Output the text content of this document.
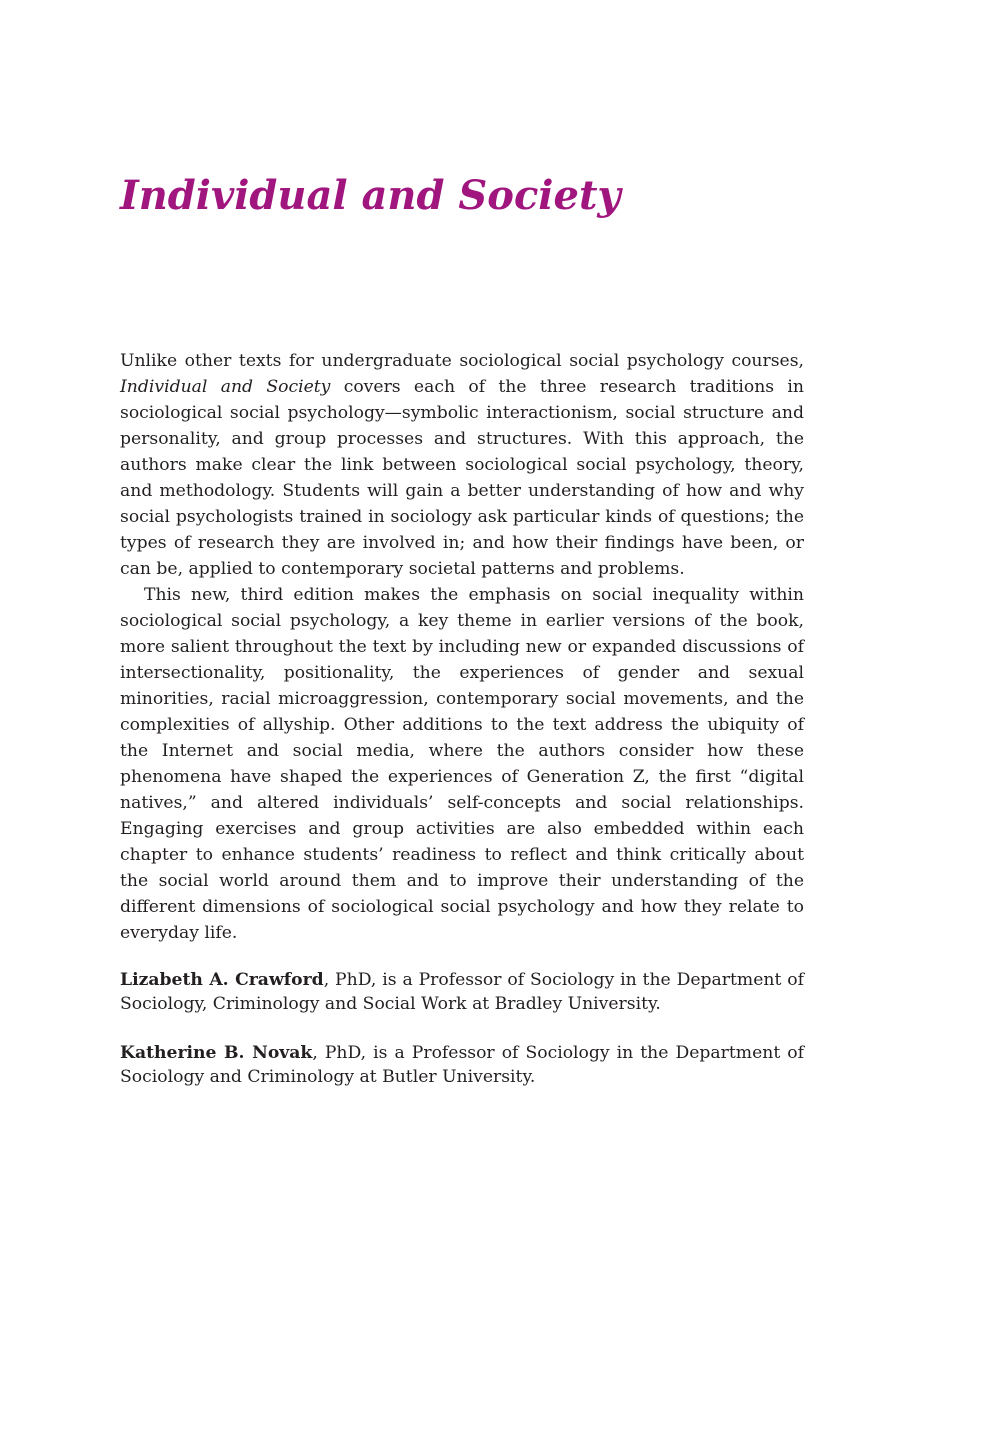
Individual and Society

Unlike other texts for undergraduate sociological social psychology courses, Individual and Society covers each of the three research traditions in sociological social psychology—symbolic interactionism, social structure and personality, and group processes and structures. With this approach, the authors make clear the link between sociological social psychology, theory, and methodology. Students will gain a better understanding of how and why social psychologists trained in sociology ask particular kinds of questions; the types of research they are involved in; and how their findings have been, or can be, applied to contemporary societal patterns and problems.

This new, third edition makes the emphasis on social inequality within sociological social psychology, a key theme in earlier versions of the book, more salient throughout the text by including new or expanded discussions of intersectionality, positionality, the experiences of gender and sexual minorities, racial microaggression, contemporary social movements, and the complexities of allyship. Other additions to the text address the ubiquity of the Internet and social media, where the authors consider how these phenomena have shaped the experiences of Generation Z, the first “digital natives,” and altered individuals’ self-concepts and social relationships. Engaging exercises and group activities are also embedded within each chapter to enhance students’ readiness to reflect and think critically about the social world around them and to improve their understanding of the different dimensions of sociological social psychology and how they relate to everyday life.

Lizabeth A. Crawford, PhD, is a Professor of Sociology in the Department of Sociology, Criminology and Social Work at Bradley University.

Katherine B. Novak, PhD, is a Professor of Sociology in the Department of Sociology and Criminology at Butler University.
